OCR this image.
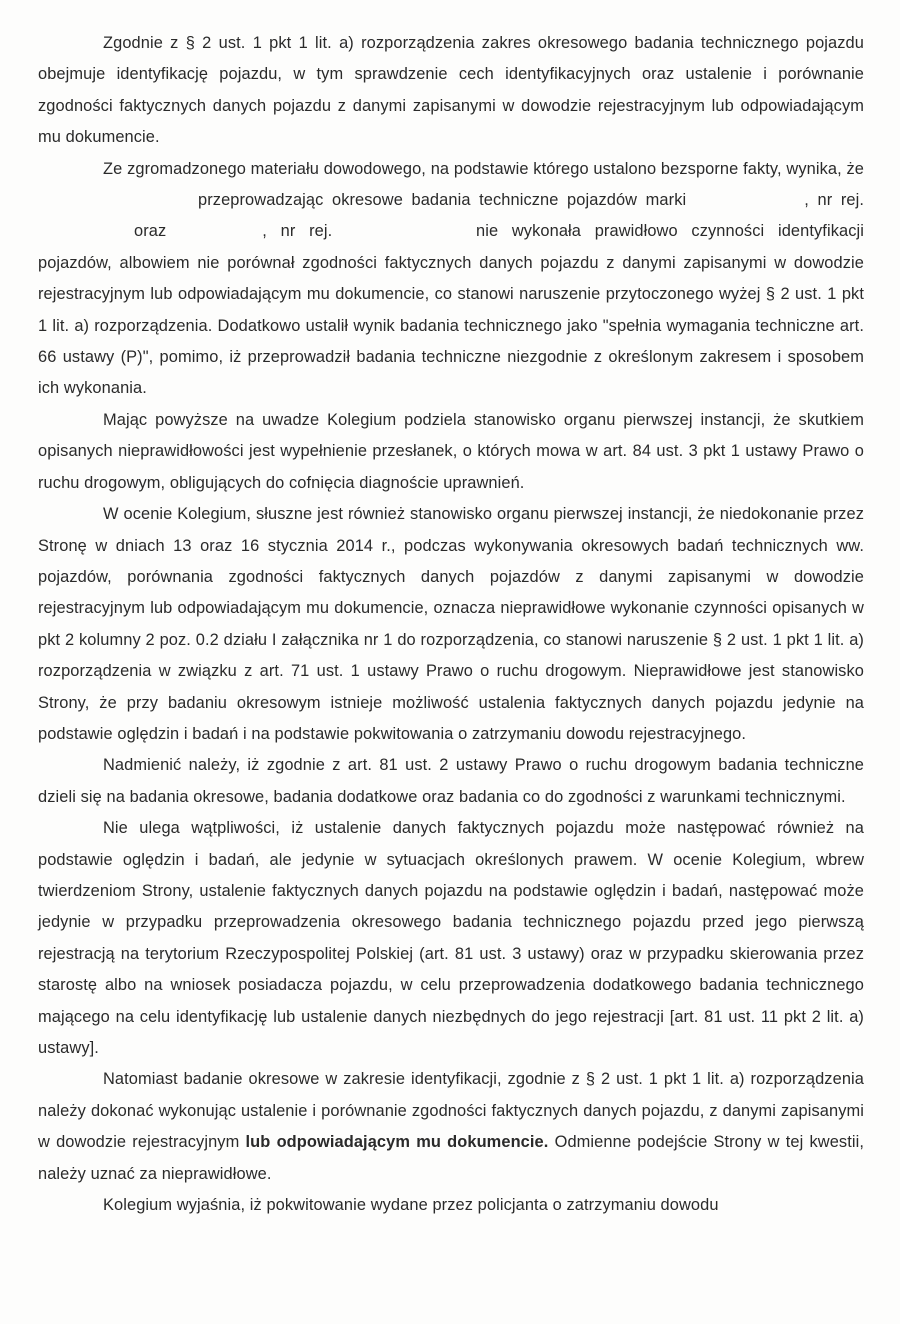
Zgodnie z § 2 ust. 1 pkt 1 lit. a) rozporządzenia zakres okresowego badania technicznego pojazdu obejmuje identyfikację pojazdu, w tym sprawdzenie cech identyfikacyjnych oraz ustalenie i porównanie zgodności faktycznych danych pojazdu z danymi zapisanymi w dowodzie rejestracyjnym lub odpowiadającym mu dokumencie.

Ze zgromadzonego materiału dowodowego, na podstawie którego ustalono bezsporne fakty, wynika, żeprzeprowadzając okresowe badania techniczne pojazdów marki	, nr rej.oraz	, nr rej.	nie wykonała prawidłowo czynności identyfikacji pojazdów, albowiem nie porównał zgodności faktycznych danych pojazdu z danymi zapisanymi w dowodzie rejestracyjnym lub odpowiadającym mu dokumencie, co stanowi naruszenie przytoczonego wyżej § 2 ust. 1 pkt 1 lit. a) rozporządzenia. Dodatkowo ustalił wynik badania technicznego jako "spełnia wymagania techniczne art. 66 ustawy (P)", pomimo, iż przeprowadził badania techniczne niezgodnie z określonym zakresem i sposobem ich wykonania.

Mając powyższe na uwadze Kolegium podziela stanowisko organu pierwszej instancji, że skutkiem opisanych nieprawidłowości jest wypełnienie przesłanek, o których mowa w art. 84 ust. 3 pkt 1 ustawy Prawo o ruchu drogowym, obligujących do cofnięcia diagnoście uprawnień.

W ocenie Kolegium, słuszne jest również stanowisko organu pierwszej instancji, że niedokonanie przez Stronę w dniach 13 oraz 16 stycznia 2014 r., podczas wykonywania okresowych badań technicznych ww. pojazdów, porównania zgodności faktycznych danych pojazdów z danymi zapisanymi w dowodzie rejestracyjnym lub odpowiadającym mu dokumencie, oznacza nieprawidłowe wykonanie czynności opisanych w pkt 2 kolumny 2 poz. 0.2 działu I załącznika nr 1 do rozporządzenia, co stanowi naruszenie § 2 ust. 1 pkt 1 lit. a) rozporządzenia w związku z art. 71 ust. 1 ustawy Prawo o ruchu drogowym. Nieprawidłowe jest stanowisko Strony, że przy badaniu okresowym istnieje możliwość ustalenia faktycznych danych pojazdu jedynie na podstawie oględzin i badań i na podstawie pokwitowania o zatrzymaniu dowodu rejestracyjnego.

Nadmienić należy, iż zgodnie z art. 81 ust. 2 ustawy Prawo o ruchu drogowym badania techniczne dzieli się na badania okresowe, badania dodatkowe oraz badania co do zgodności z warunkami technicznymi.

Nie ulega wątpliwości, iż ustalenie danych faktycznych pojazdu może następować również na podstawie oględzin i badań, ale jedynie w sytuacjach określonych prawem. W ocenie Kolegium, wbrew twierdzeniom Strony, ustalenie faktycznych danych pojazdu na podstawie oględzin i badań, następować może jedynie w przypadku przeprowadzenia okresowego badania technicznego pojazdu przed jego pierwszą rejestracją na terytorium Rzeczypospolitej Polskiej (art. 81 ust. 3 ustawy) oraz w przypadku skierowania przez starostę albo na wniosek posiadacza pojazdu, w celu przeprowadzenia dodatkowego badania technicznego mającego na celu identyfikację lub ustalenie danych niezbędnych do jego rejestracji [art. 81 ust. 11 pkt 2 lit. a) ustawy].

Natomiast badanie okresowe w zakresie identyfikacji, zgodnie z § 2 ust. 1 pkt 1 lit. a) rozporządzenia należy dokonać wykonując ustalenie i porównanie zgodności faktycznych danych pojazdu, z danymi zapisanymi w dowodzie rejestracyjnym lub odpowiadającym mu dokumencie. Odmienne podejście Strony w tej kwestii, należy uznać za nieprawidłowe.

Kolegium wyjaśnia, iż pokwitowanie wydane przez policjanta o zatrzymaniu dowodu
